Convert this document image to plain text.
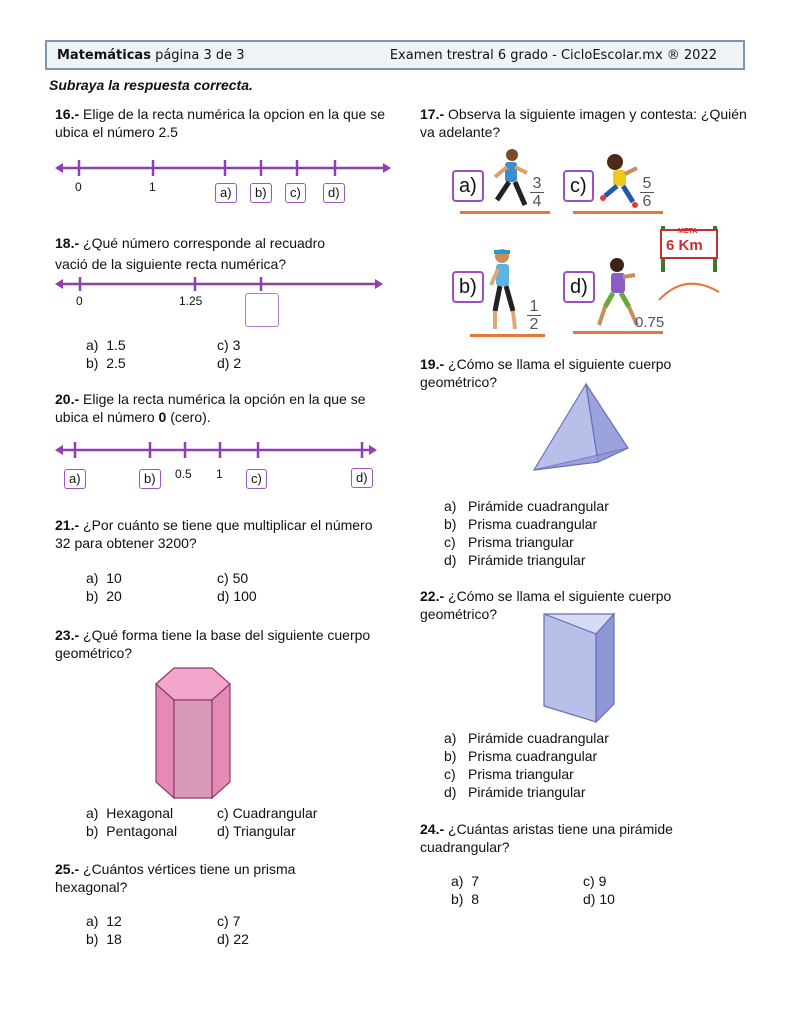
Matemáticas página 3 de 3	Examen trestral 6 grado - CicloEscolar.mx ® 2022
Subraya la respuesta correcta.
16.- Elige de la recta numérica la opcion en la que se ubica el número 2.5
0	1	a)	b)	c)	d)
18.- ¿Qué número corresponde al recuadro
vació de la siguiente recta numérica?
0	1.25
a) 1.5
b) 2.5
c) 3
d) 2
20.- Elige la recta numérica la opción en la que se ubica el número 0 (cero).
0.5 1
a)	b)	c)	d)
21.- ¿Por cuánto se tiene que multiplicar el número 32 para obtener 3200?
a) 10
b) 20
c) 50
d) 100
23.- ¿Qué forma tiene la base del siguiente cuerpo geométrico?
a) Hexagonal
b) Pentagonal
c) Cuadrangular
d) Triangular
25.- ¿Cuántos vértices tiene un prisma hexagonal?
a) 12
b) 18
c) 7
d) 22
17.- Observa la siguiente imagen y contesta: ¿Quién va adelante?
a)	3
4
c)	5
6
META
6 Km
b)
1
2
d)
0.75
19.- ¿Cómo se llama el siguiente cuerpo geométrico?
a) Pirámide cuadrangular
b) Prisma cuadrangular
c) Prisma triangular
d) Pirámide triangular
22.- ¿Cómo se llama el siguiente cuerpo geométrico?
a) Pirámide cuadrangular
b) Prisma cuadrangular
c) Prisma triangular
d) Pirámide triangular
24.- ¿Cuántas aristas tiene una pirámide cuadrangular?
a) 7
b) 8
c) 9
d) 10
